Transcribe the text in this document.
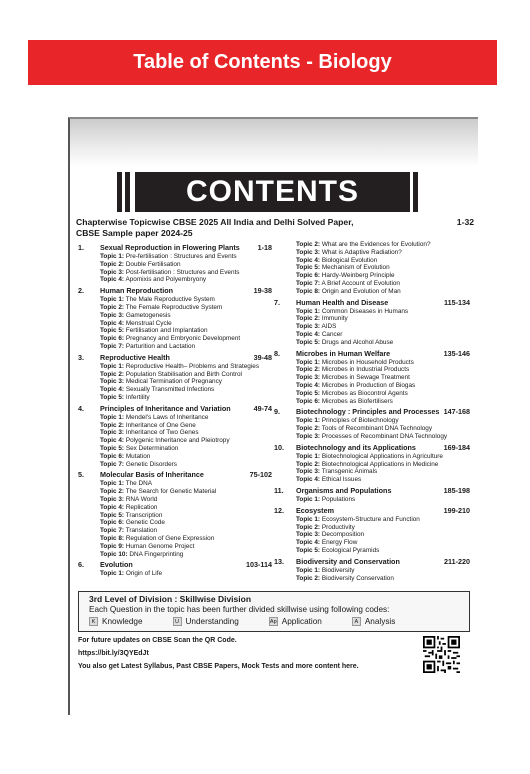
Table of Contents - Biology
CONTENTS
Chapterwise Topicwise CBSE 2025 All India and Delhi Solved Paper,
CBSE Sample paper 2024-25
1-32
1. Sexual Reproduction in Flowering Plants 1-18
Topic 1: Pre-fertilisation : Structures and Events
Topic 2: Double Fertilisation
Topic 3: Post-fertilisation : Structures and Events
Topic 4: Apomixis and Polyembryony
2. Human Reproduction	19-38
Topic 1: The Male Reproductive System
Topic 2: The Female Reproductive System
Topic 3: Gametogenesis
Topic 4: Menstrual Cycle
Topic 5: Fertilisation and Implantation
Topic 6: Pregnancy and Embryonic Development
Topic 7: Parturition and Lactation
3. Reproductive Health	39-48
Topic 1: Reproductive Health– Problems and Strategies
Topic 2: Population Stabilisation and Birth Control
Topic 3: Medical Termination of Pregnancy
Topic 4: Sexually Transmitted Infections
Topic 5: Infertility
4. Principles of Inheritance and Variation	49-74
Topic 1: Mendel's Laws of Inheritance
Topic 2: Inheritance of One Gene
Topic 3: Inheritance of Two Genes
Topic 4: Polygenic Inheritance and Pleiotropy
Topic 5: Sex Determination
Topic 6: Mutation
Topic 7: Genetic Disorders
5. Molecular Basis of Inheritance	75-102
Topic 1: The DNA
Topic 2: The Search for Genetic Material
Topic 3: RNA World
Topic 4: Replication
Topic 5: Transcription
Topic 6: Genetic Code
Topic 7: Translation
Topic 8: Regulation of Gene Expression
Topic 9: Human Genome Project
Topic 10: DNA Fingerprinting
6. Evolution	103-114
Topic 1: Origin of Life
Topic 2: What are the Evidences for Evolution?
Topic 3: What is Adaptive Radiation?
Topic 4: Biological Evolution
Topic 5: Mechanism of Evolution
Topic 6: Hardy-Weinberg Principle
Topic 7: A Brief Account of Evolution
Topic 8: Origin and Evolution of Man
7. Human Health and Disease	115-134
Topic 1: Common Diseases in Humans
Topic 2: Immunity
Topic 3: AIDS
Topic 4: Cancer
Topic 5: Drugs and Alcohol Abuse
8. Microbes in Human Welfare	135-146
Topic 1: Microbes in Household Products
Topic 2: Microbes in Industrial Products
Topic 3: Microbes in Sewage Treatment
Topic 4: Microbes in Production of Biogas
Topic 5: Microbes as Biocontrol Agents
Topic 6: Microbes as Biofertilisers
9. Biotechnology : Principles and Processes 147-168
Topic 1: Principles of Biotechnology
Topic 2: Tools of Recombinant DNA Technology
Topic 3: Processes of Recombinant DNA Technology
10. Biotechnology and its Applications	169-184
Topic 1: Biotechnological Applications in Agriculture
Topic 2: Biotechnological Applications in Medicine
Topic 3: Transgenic Animals
Topic 4: Ethical Issues
11. Organisms and Populations	185-198
Topic 1: Populations
12. Ecosystem	199-210
Topic 1: Ecosystem-Structure and Function
Topic 2: Productivity
Topic 3: Decomposition
Topic 4: Energy Flow
Topic 5: Ecological Pyramids
13. Biodiversity and Conservation	211-220
Topic 1: Biodiversity
Topic 2: Biodiversity Conservation
3rd Level of Division : Skillwise Division
Each Question in the topic has been further divided skillwise using following codes:
K Knowledge	U Understanding	Ap Application	A Analysis
For future updates on CBSE Scan the QR Code.
https://bit.ly/3QYEdJt
You also get Latest Syllabus, Past CBSE Papers, Mock Tests and more content here.
